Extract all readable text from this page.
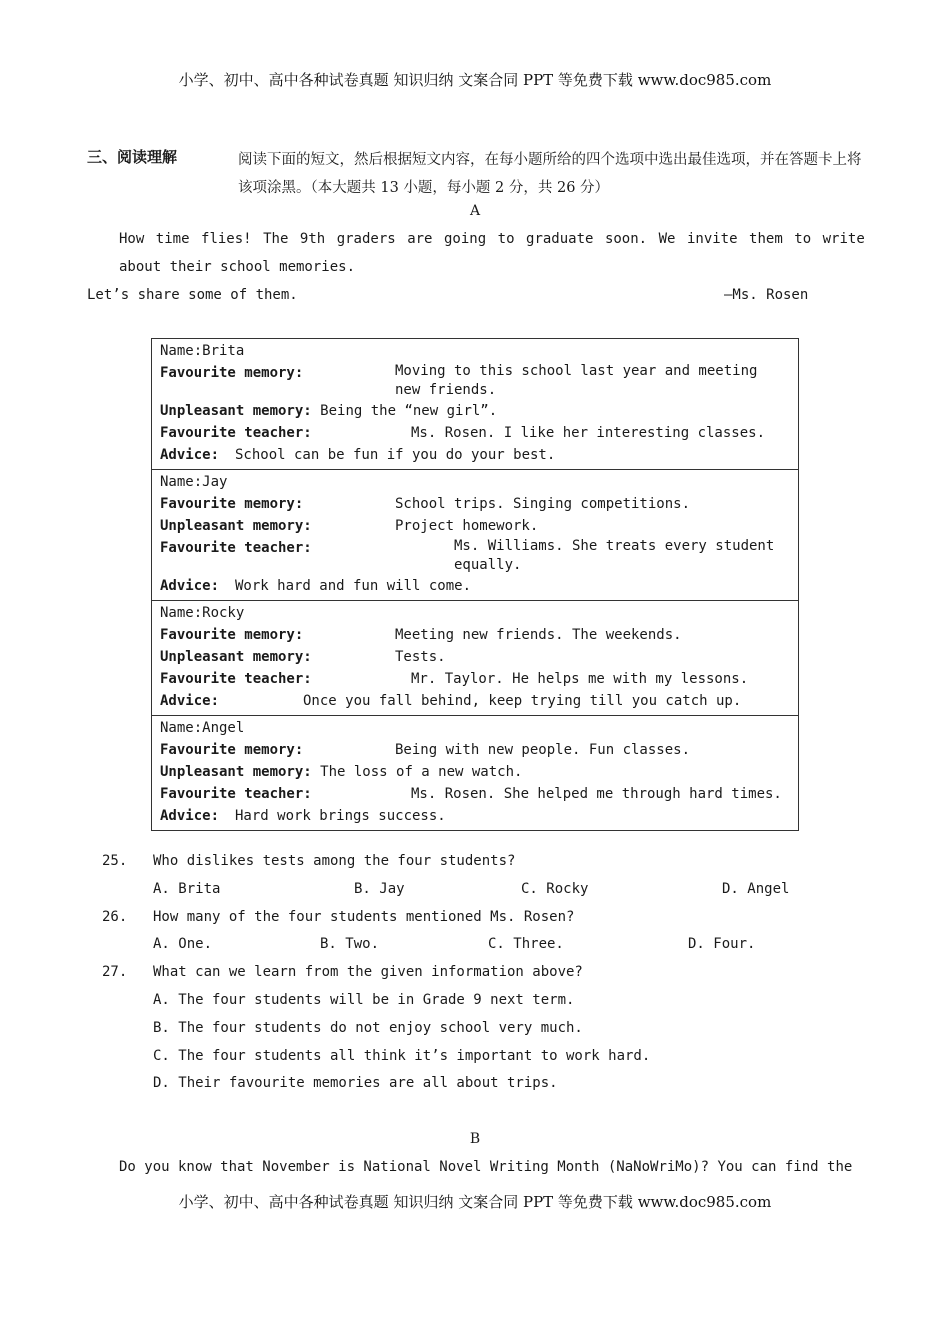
小学、初中、高中各种试卷真题 知识归纳 文案合同 PPT 等免费下载 www.doc985.com
三、阅读理解	阅读下面的短文，然后根据短文内容，在每小题所给的四个选项中选出最佳选项，并在答题卡上将该项涂黑。（本大题共 13 小题，每小题 2 分，共 26 分）
A
How time flies! The 9th graders are going to graduate soon. We invite them to write
about their school memories.
Let’s share some of them.	—Ms. Rosen
Name:Brita
Favourite memory:	Moving to this school last year and meeting new friends.
Unpleasant memory:
Being the “new girl”.
Favourite teacher:	Ms. Rosen. I like her interesting classes.
Advice:	School can be fun if you do your best.

Name:Jay
Favourite memory:	School trips. Singing competitions.
Unpleasant memory:	Project homework.
Favourite teacher:	Ms. Williams. She treats every student equally.
Advice:	Work hard and fun will come.

Name:Rocky
Favourite memory:	Meeting new friends. The weekends.
Unpleasant memory:	Tests.
Favourite teacher:	Mr. Taylor. He helps me with my lessons.
Advice:	Once you fall behind, keep trying till you catch up.

Name:Angel
Favourite memory:	Being with new people. Fun classes.
Unpleasant memory:
The loss of a new watch.
Favourite teacher:	Ms. Rosen. She helped me through hard times.
Advice:	Hard work brings success.
25. Who dislikes tests among the four students?
A. Brita	B. Jay	C. Rocky	D. Angel
26. How many of the four students mentioned Ms. Rosen?
A. One.	B. Two.	C. Three.	D. Four.
27. What can we learn from the given information above?
A. The four students will be in Grade 9 next term.
B. The four students do not enjoy school very much.
C. The four students all think it’s important to work hard.
D. Their favourite memories are all about trips.
B
Do you know that November is National Novel Writing Month (NaNoWriMo)? You can find the
小学、初中、高中各种试卷真题 知识归纳 文案合同 PPT 等免费下载 www.doc985.com
